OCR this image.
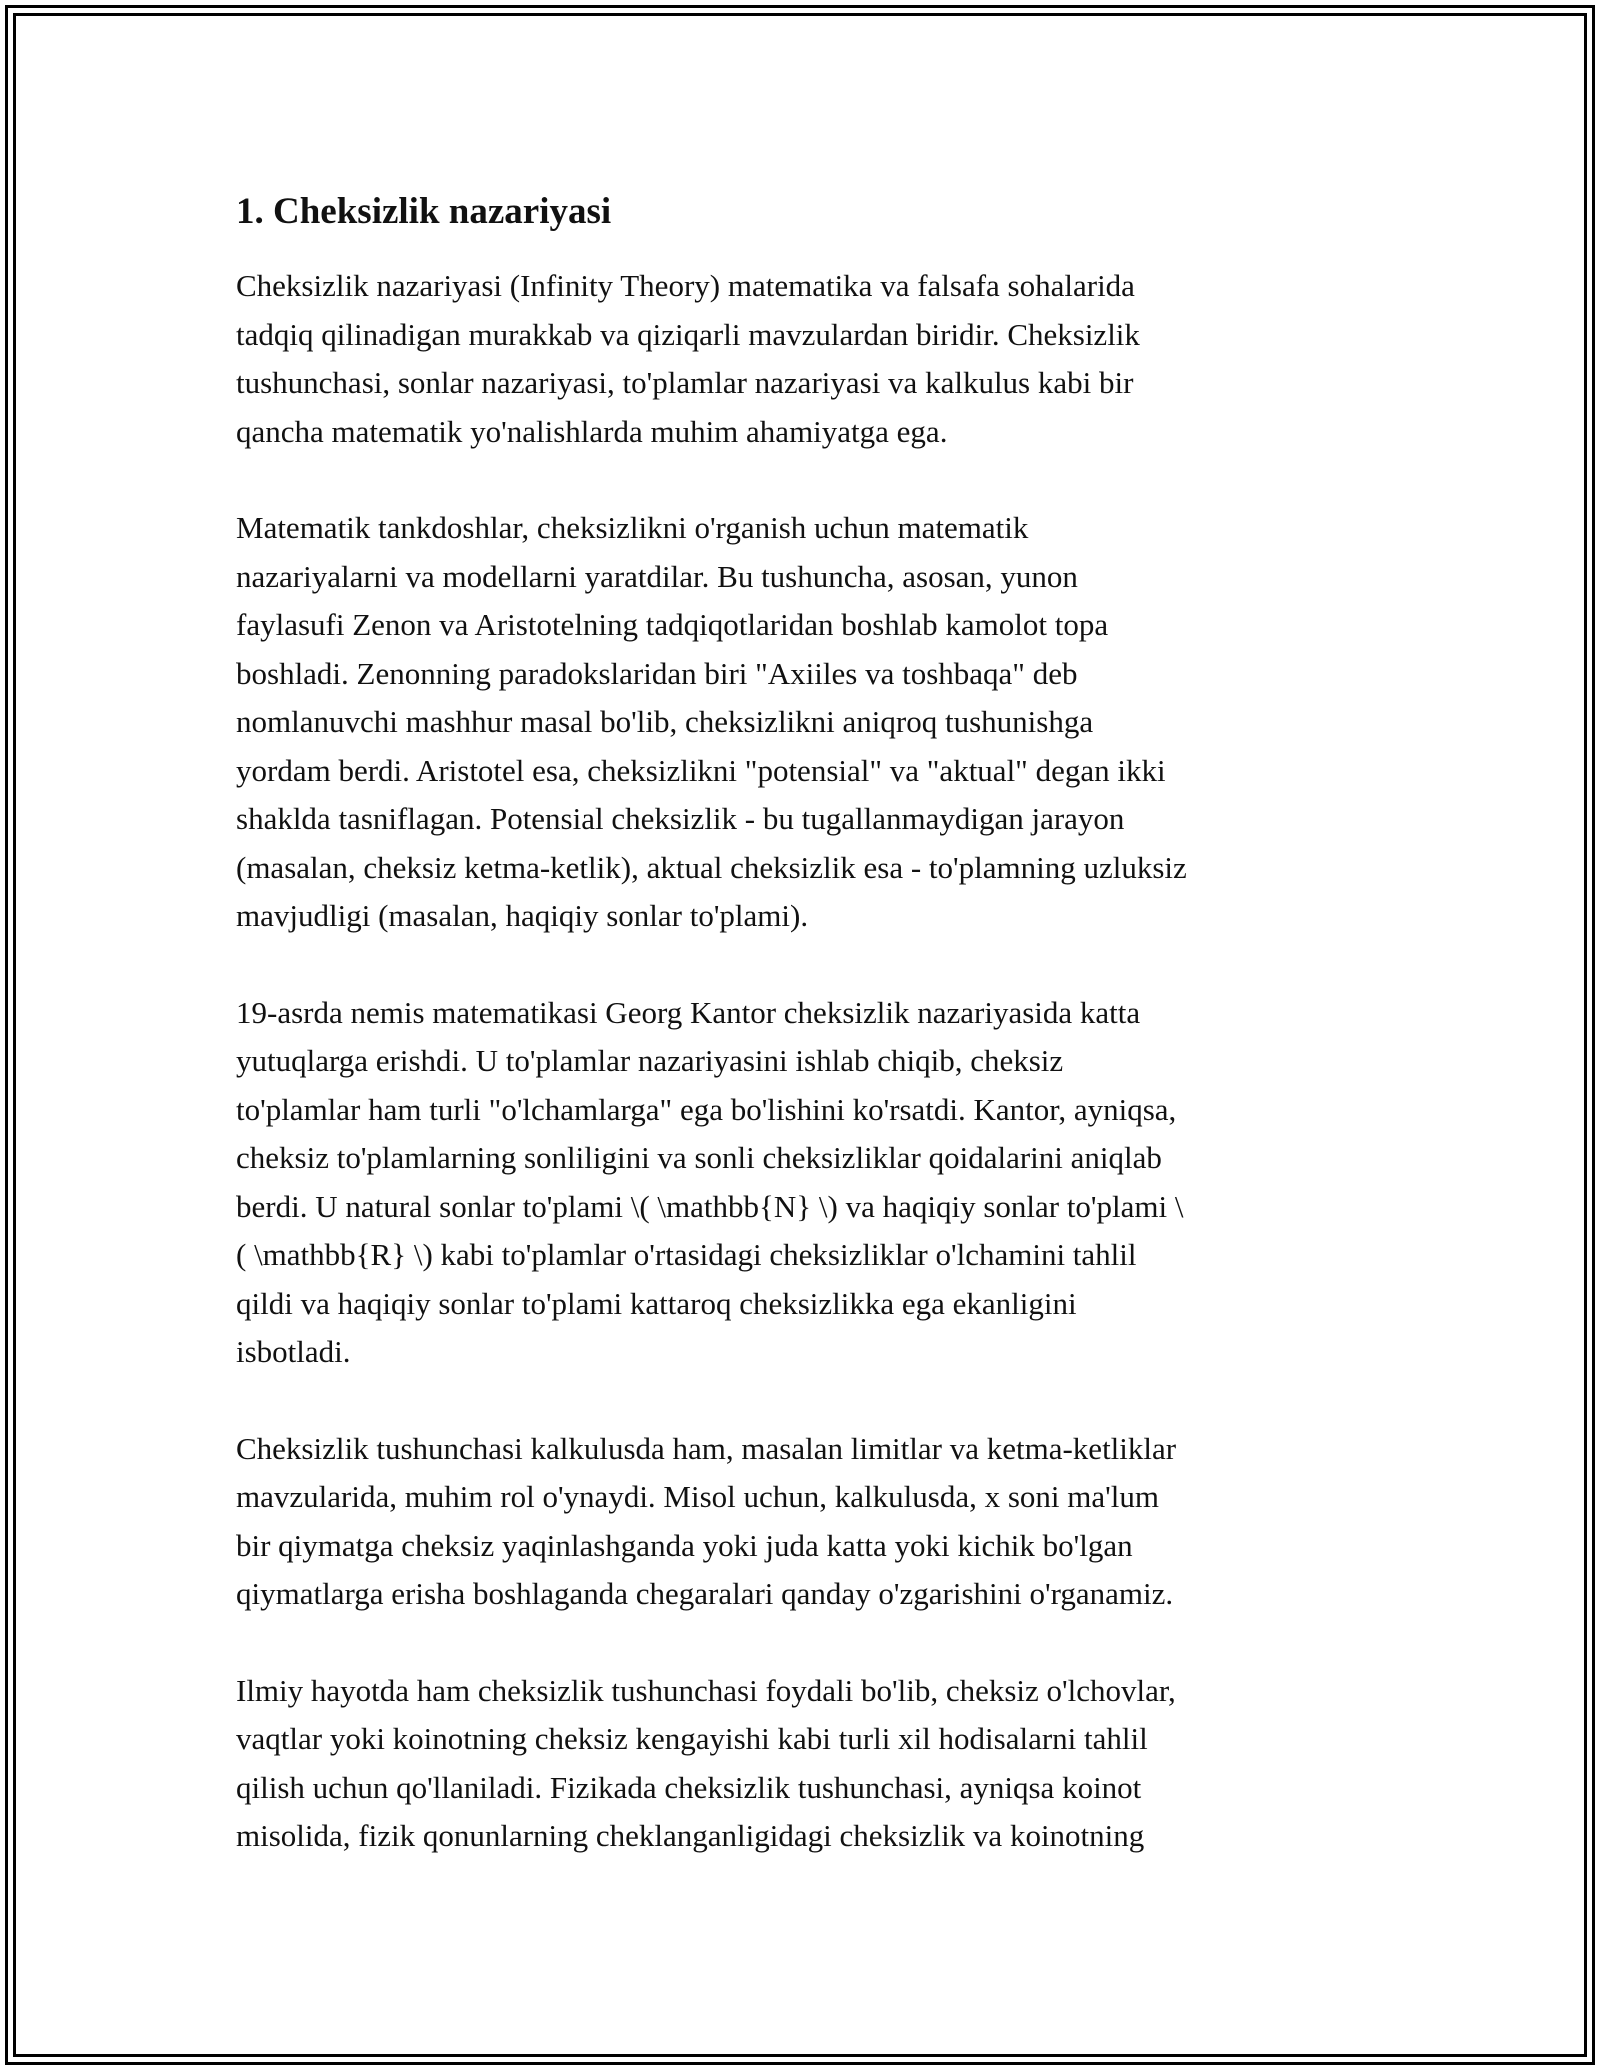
1. Cheksizlik nazariyasi

Cheksizlik nazariyasi (Infinity Theory) matematika va falsafa sohalarida
tadqiq qilinadigan murakkab va qiziqarli mavzulardan biridir. Cheksizlik
tushunchasi, sonlar nazariyasi, to'plamlar nazariyasi va kalkulus kabi bir
qancha matematik yo'nalishlarda muhim ahamiyatga ega.

Matematik tankdoshlar, cheksizlikni o'rganish uchun matematik
nazariyalarni va modellarni yaratdilar. Bu tushuncha, asosan, yunon
faylasufi Zenon va Aristotelning tadqiqotlaridan boshlab kamolot topa
boshladi. Zenonning paradokslaridan biri "Axiiles va toshbaqa" deb
nomlanuvchi mashhur masal bo'lib, cheksizlikni aniqroq tushunishga
yordam berdi. Aristotel esa, cheksizlikni "potensial" va "aktual" degan ikki
shaklda tasniflagan. Potensial cheksizlik - bu tugallanmaydigan jarayon
(masalan, cheksiz ketma-ketlik), aktual cheksizlik esa - to'plamning uzluksiz
mavjudligi (masalan, haqiqiy sonlar to'plami).

19-asrda nemis matematikasi Georg Kantor cheksizlik nazariyasida katta
yutuqlarga erishdi. U to'plamlar nazariyasini ishlab chiqib, cheksiz
to'plamlar ham turli "o'lchamlarga" ega bo'lishini ko'rsatdi. Kantor, ayniqsa,
cheksiz to'plamlarning sonliligini va sonli cheksizliklar qoidalarini aniqlab
berdi. U natural sonlar to'plami \( \mathbb{N} \) va haqiqiy sonlar to'plami \
( \mathbb{R} \) kabi to'plamlar o'rtasidagi cheksizliklar o'lchamini tahlil
qildi va haqiqiy sonlar to'plami kattaroq cheksizlikka ega ekanligini
isbotladi.

Cheksizlik tushunchasi kalkulusda ham, masalan limitlar va ketma-ketliklar
mavzularida, muhim rol o'ynaydi. Misol uchun, kalkulusda, x soni ma'lum
bir qiymatga cheksiz yaqinlashganda yoki juda katta yoki kichik bo'lgan
qiymatlarga erisha boshlaganda chegaralari qanday o'zgarishini o'rganamiz.

Ilmiy hayotda ham cheksizlik tushunchasi foydali bo'lib, cheksiz o'lchovlar,
vaqtlar yoki koinotning cheksiz kengayishi kabi turli xil hodisalarni tahlil
qilish uchun qo'llaniladi. Fizikada cheksizlik tushunchasi, ayniqsa koinot
misolida, fizik qonunlarning cheklanganligidagi cheksizlik va koinotning
